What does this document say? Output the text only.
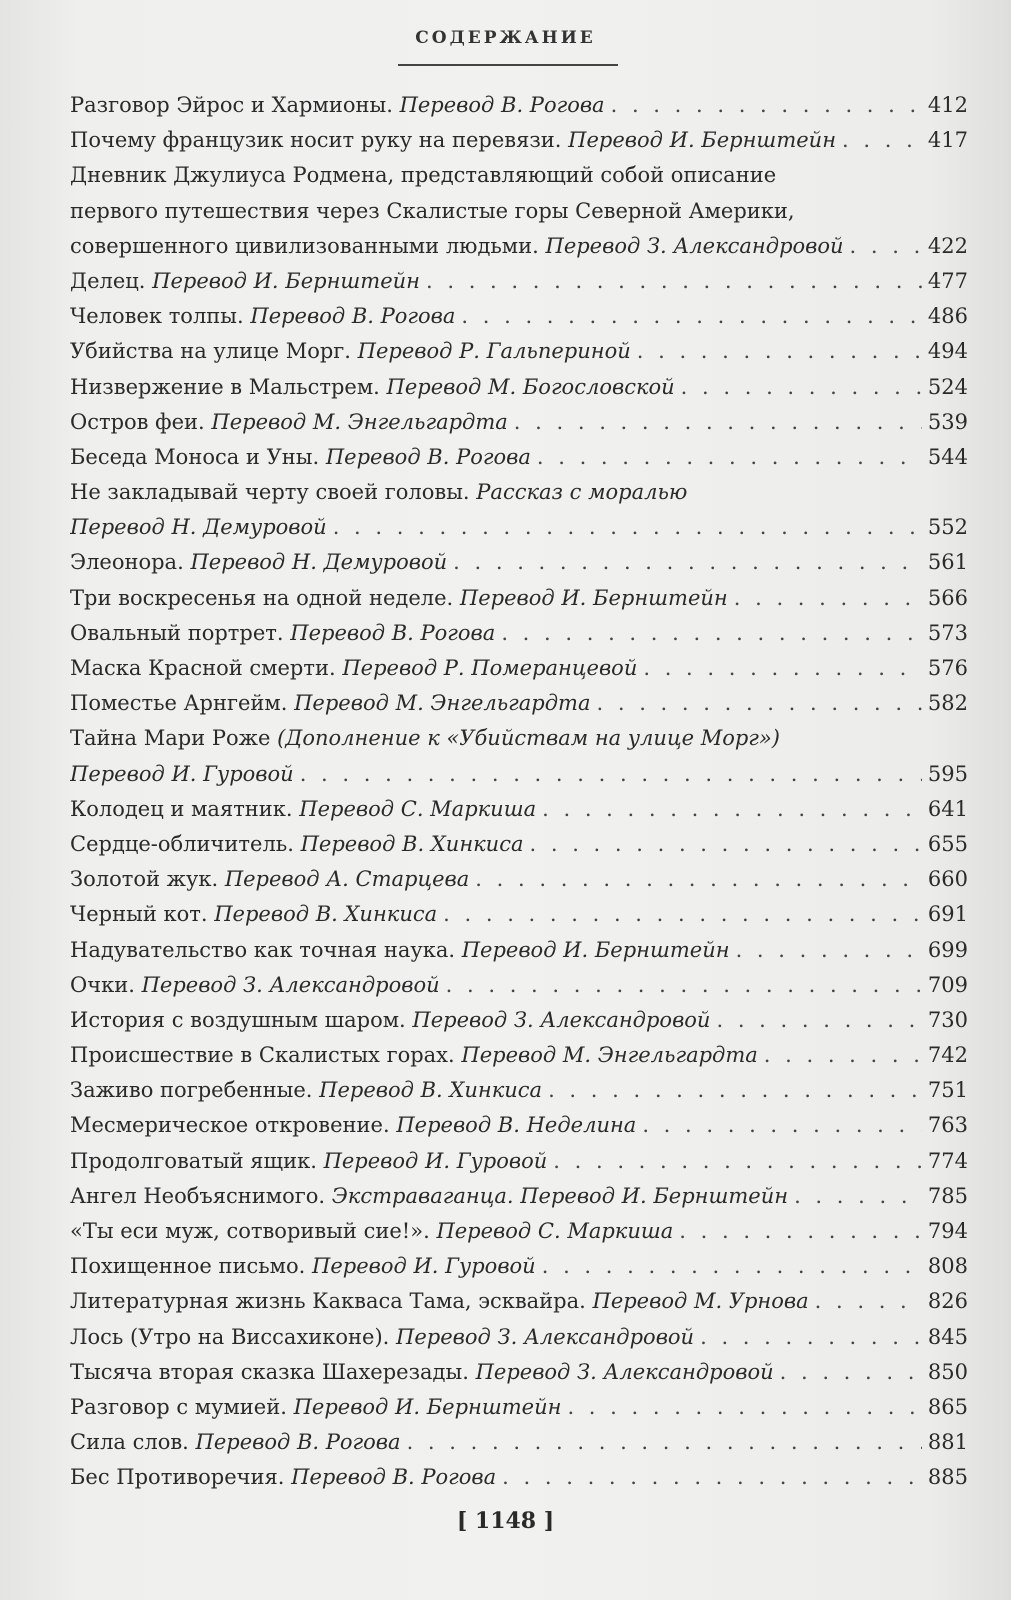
СОДЕРЖАНИЕ
Разговор Эйрос и Хармионы. Перевод В. Рогова . . .	412
Почему французик носит руку на перевязи. Перевод И. Бернштейн . . .	417
Дневник Джулиуса Родмена, представляющий собой описание
первого путешествия через Скалистые горы Северной Америки,
совершенного цивилизованными людьми. Перевод З. Александровой . . .	422
Делец. Перевод И. Бернштейн . . .	477
Человек толпы. Перевод В. Рогова . . .	486
Убийства на улице Морг. Перевод Р. Гальпериной . . .	494
Низвержение в Мальстрем. Перевод М. Богословской . . .	524
Остров феи. Перевод М. Энгельгардта . . .	539
Беседа Моноса и Уны. Перевод В. Рогова . . .	544
Не закладывай черту своей головы. Рассказ с моралью
Перевод Н. Демуровой . . .	552
Элеонора. Перевод Н. Демуровой . . .	561
Три воскресенья на одной неделе. Перевод И. Бернштейн . . .	566
Овальный портрет. Перевод В. Рогова . . .	573
Маска Красной смерти. Перевод Р. Померанцевой . . .	576
Поместье Арнгейм. Перевод М. Энгельгардта . . .	582
Тайна Мари Роже (Дополнение к «Убийствам на улице Морг»)
Перевод И. Гуровой . . .	595
Колодец и маятник. Перевод С. Маркиша . . .	641
Сердце-обличитель. Перевод В. Хинкиса . . .	655
Золотой жук. Перевод А. Старцева . . .	660
Черный кот. Перевод В. Хинкиса . . .	691
Надувательство как точная наука. Перевод И. Бернштейн . . .	699
Очки. Перевод З. Александровой . . .	709
История с воздушным шаром. Перевод З. Александровой . . .	730
Происшествие в Скалистых горах. Перевод М. Энгельгардта . . .	742
Заживо погребенные. Перевод В. Хинкиса . . .	751
Месмерическое откровение. Перевод В. Неделина . . .	763
Продолговатый ящик. Перевод И. Гуровой . . .	774
Ангел Необъяснимого. Экстраваганца. Перевод И. Бернштейн . . .	785
«Ты еси муж, сотворивый сие!». Перевод С. Маркиша . . .	794
Похищенное письмо. Перевод И. Гуровой . . .	808
Литературная жизнь Какваса Тама, эсквайра. Перевод М. Урнова . . .	826
Лось (Утро на Виссахиконе). Перевод З. Александровой . . .	845
Тысяча вторая сказка Шахерезады. Перевод З. Александровой . . .	850
Разговор с мумией. Перевод И. Бернштейн . . .	865
Сила слов. Перевод В. Рогова . . .	881
Бес Противоречия. Перевод В. Рогова . . .	885
[ 1148 ]
